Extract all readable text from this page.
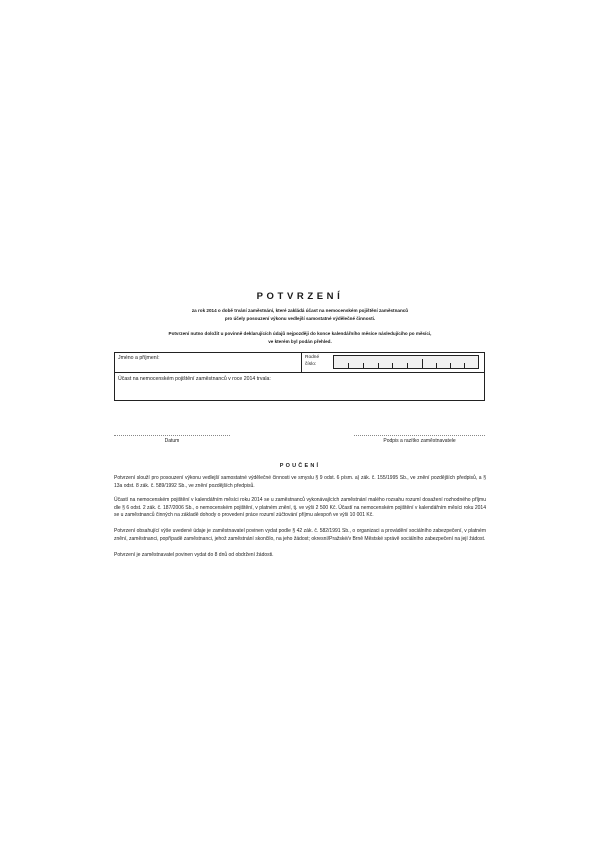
POTVRZENÍ
za rok 2014 o době trvání zaměstnání, které zakládá účast na nemocenském pojištění zaměstnanců
pro účely posouzení výkonu vedlejší samostatné výdělečné činnosti.
Potvrzení nutno doložit u povinně deklarujících údajů nejpozději do konce kalendářního měsíce následujícího po měsíci,
ve kterém byl podán přehled.
Jméno a příjmení:	Rodné
číslo:
Účast na nemocenském pojištění zaměstnanců v roce 2014 trvala:
Datum	Podpis a razítko zaměstnavatele
POUČENÍ

Potvrzení slouží pro posouzení výkonu vedlejší samostatné výdělečné činnosti ve smyslu § 9 odst. 6 písm. a) zák. č. 155/1995 Sb., ve znění pozdějších předpisů, a § 13a odst. 8 zák. č. 589/1992 Sb., ve znění pozdějších předpisů.

Účastí na nemocenském pojištění v kalendářním měsíci roku 2014 se u zaměstnanců vykonávajících zaměstnání malého rozsahu rozumí dosažení rozhodného příjmu dle § 6 odst. 2 zák. č. 187/2006 Sb., o nemocenském pojištění, v platném znění, tj. ve výši 2 500 Kč. Účastí na nemocenském pojištění v kalendářním měsíci roku 2014 se u zaměstnanců činných na základě dohody o provedení práce rozumí zúčtování příjmu alespoň ve výši 10 001 Kč.

Potvrzení obsahující výše uvedené údaje je zaměstnavatel povinen vydat podle § 42 zák. č. 582/1991 Sb., o organizaci a provádění sociálního zabezpečení, v platném znění, zaměstnanci, popřípadě zaměstnanci, jehož zaměstnání skončilo, na jeho žádost; okresní/Pražské/v Brně Městské správě sociálního zabezpečení na její žádost.

Potvrzení je zaměstnavatel povinen vydat do 8 dnů od obdržení žádosti.
